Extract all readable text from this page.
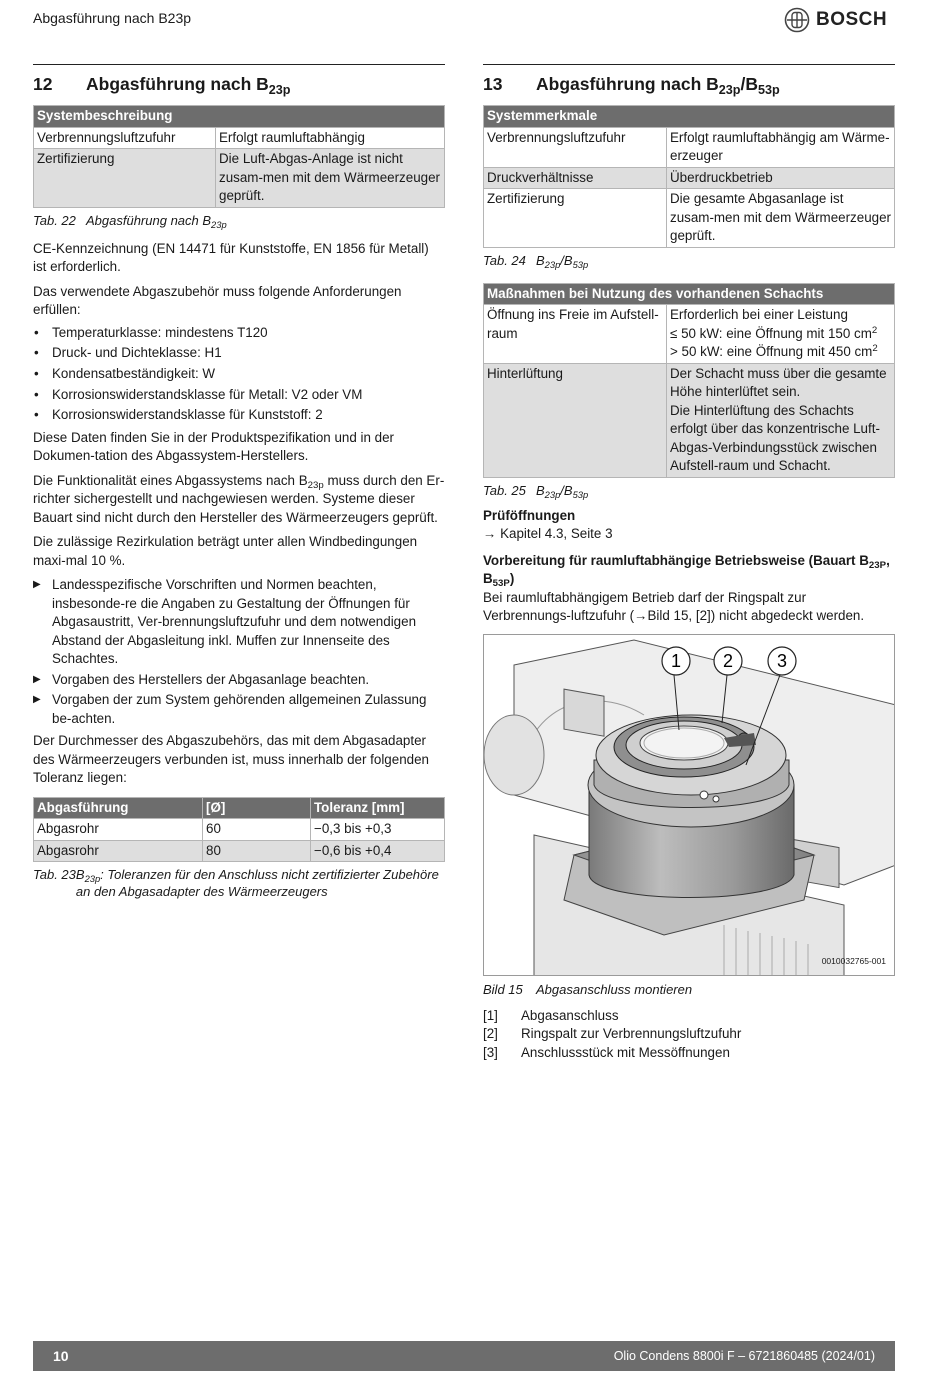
Abgasführung nach B23p	BOSCH
12	Abgasführung nach $B_{23p}$
Systembeschreibung	
Verbrennungsluftzufuhr	Erfolgt raumluftabhängig
Zertifizierung	Die Luft-Abgas-Anlage ist nicht zusam-men mit dem Wärmeerzeuger geprüft.
Tab. 22 Abgasführung nach $B_{23p}$

CE-Kennzeichnung (EN 14471 für Kunststoffe, EN 1856 für Metall) ist erforderlich.

Das verwendete Abgaszubehör muss folgende Anforderungen erfüllen:

• Temperaturklasse: mindestens T120
• Druck- und Dichteklasse: H1
• Kondensatbeständigkeit: W
• Korrosionswiderstandsklasse für Metall: V2 oder VM
• Korrosionswiderstandsklasse für Kunststoff: 2

Diese Daten finden Sie in der Produktspezifikation und in der Dokumen-tation des Abgassystem-Herstellers.

Die Funktionalität eines Abgassystems nach $B_{23p}$ muss durch den Er-richter sichergestellt und nachgewiesen werden. Systeme dieser Bauart sind nicht durch den Hersteller des Wärmeerzeugers geprüft.

Die zulässige Rezirkulation beträgt unter allen Windbedingungen maxi-mal 10 %.

▶ Landesspezifische Vorschriften und Normen beachten, insbesonde-re die Angaben zu Gestaltung der Öffnungen für Abgasaustritt, Ver-brennungsluftzufuhr und dem notwendigen Abstand der Abgasleitung inkl. Muffen zur Innenseite des Schachtes.
▶ Vorgaben des Herstellers der Abgasanlage beachten.
▶ Vorgaben der zum System gehörenden allgemeinen Zulassung be-achten.

Der Durchmesser des Abgaszubehörs, das mit dem Abgasadapter des Wärmeerzeugers verbunden ist, muss innerhalb der folgenden Toleranz liegen:

Abgasführung	[Ø]	Toleranz [mm]
Abgasrohr	60	−0,3 bis +0,3
Abgasrohr	80	−0,6 bis +0,4
Tab. 23 $B_{23p}$: Toleranzen für den Anschluss nicht zertifizierter Zubehöre an den Abgasadapter des Wärmeerzeugers
13	Abgasführung nach $B_{23p}/B_{53p}$
Systemmerkmale	
Verbrennungsluftzufuhr	Erfolgt raumluftabhängig am Wärme-erzeuger
Druckverhältnisse	Überdruckbetrieb
Zertifizierung	Die gesamte Abgasanlage ist zusam-men mit dem Wärmeerzeuger geprüft.
Tab. 24 $B_{23p}/B_{53p}$
Maßnahmen bei Nutzung des vorhandenen Schachts	
Öffnung ins Freie im Aufstell-raum	Erforderlich bei einer Leistung
≤ 50 kW: eine Öffnung mit 150 $cm^2$
> 50 kW: eine Öffnung mit 450 $cm^2$

Hinterlüftung	Der Schacht muss über die gesamte Höhe hinterlüftet sein.
Die Hinterlüftung des Schachts erfolgt über das konzentrische Luft-Abgas-Verbindungsstück zwischen Aufstell-raum und Schacht.
Tab. 25 $B_{23p}/B_{53p}$
Prüföffnungen

→ Kapitel 4.3, Seite 3

Vorbereitung für raumluftabhängige Betriebsweise (Bauart $B_{23P}$, $B_{53P}$)

Bei raumluftabhängigem Betrieb darf der Ringspalt zur Verbrennungs-luftzufuhr (→Bild 15, [2]) nicht abgedeckt werden.

1 2 3
0010032765-001
Bild 15	Abgasanschluss montieren
[1]	Abgasanschluss
[2]	Ringspalt zur Verbrennungsluftzufuhr
[3]	Anschlussstück mit Messöffnungen
10	Olio Condens 8800i F – 6721860485 (2024/01)
